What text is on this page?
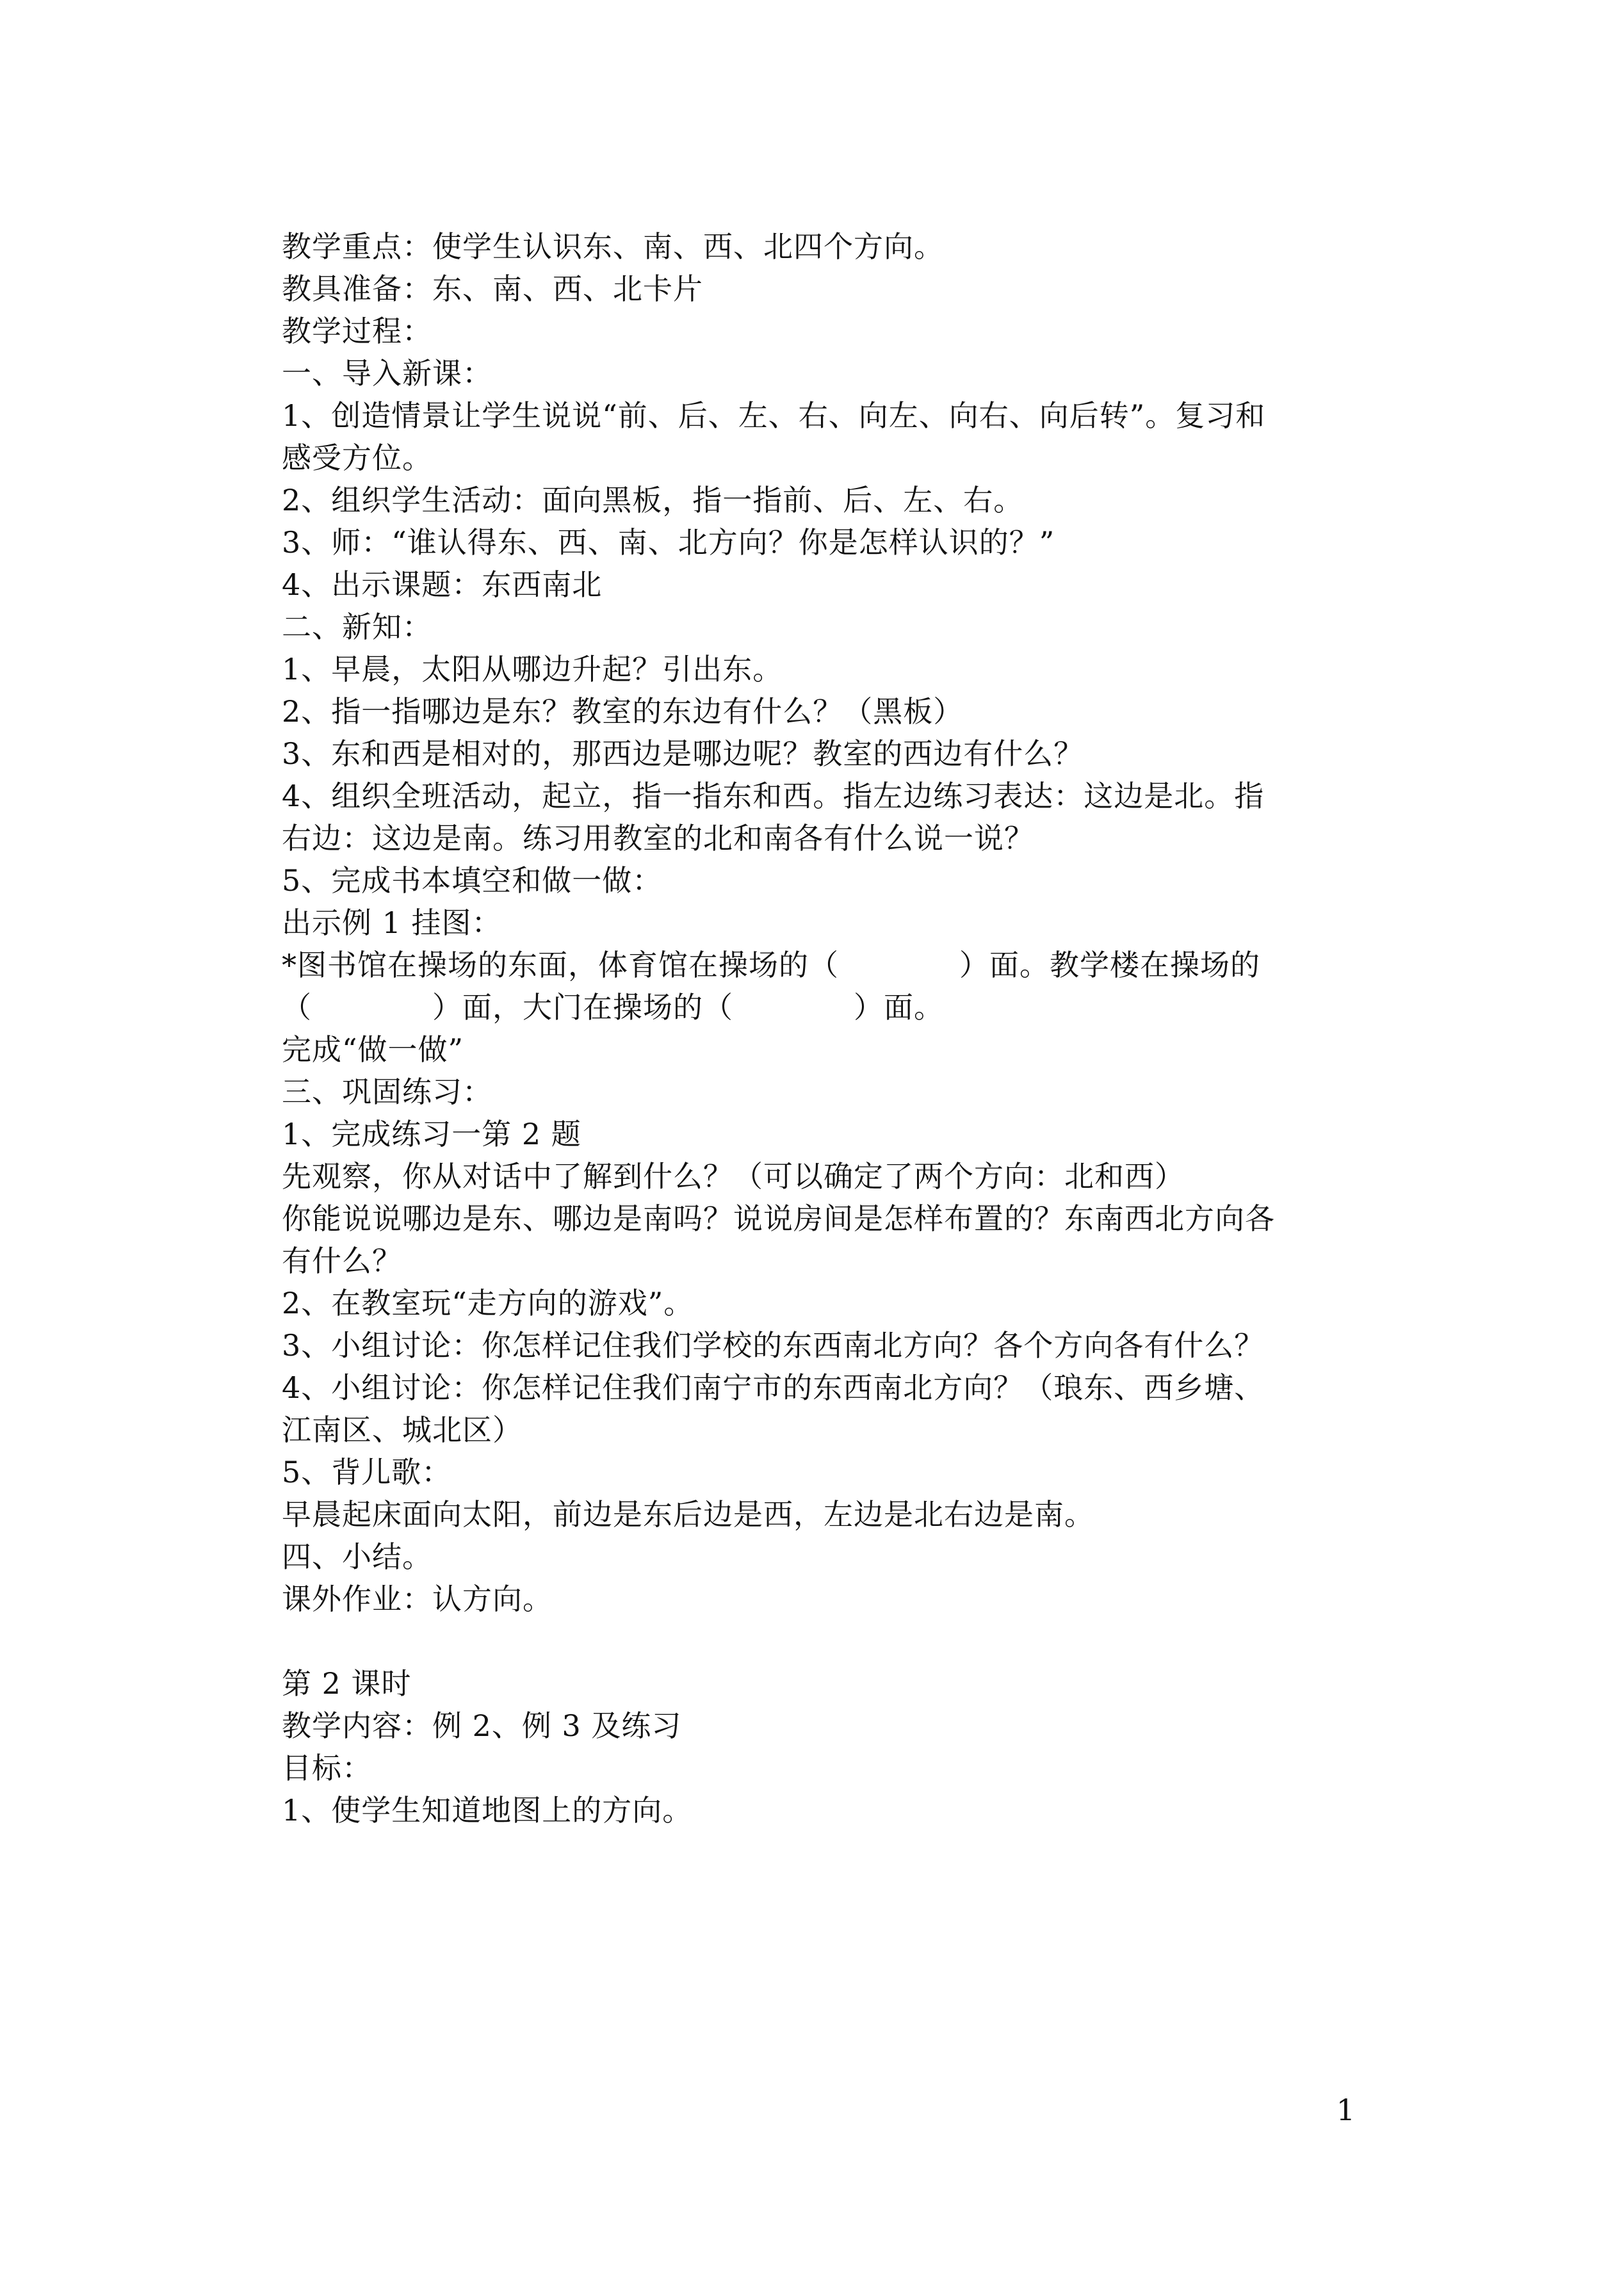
教学重点：使学生认识东、南、西、北四个方向。
教具准备：东、南、西、北卡片
教学过程：
一、导入新课：
1、创造情景让学生说说“前、后、左、右、向左、向右、向后转”。复习和
感受方位。
2、组织学生活动：面向黑板，指一指前、后、左、右。
3、师：“谁认得东、西、南、北方向？你是怎样认识的？”
4、出示课题：东西南北
二、新知：
1、早晨，太阳从哪边升起？引出东。
2、指一指哪边是东？教室的东边有什么？（黑板）
3、东和西是相对的，那西边是哪边呢？教室的西边有什么？
4、组织全班活动，起立，指一指东和西。指左边练习表达：这边是北。指
右边：这边是南。练习用教室的北和南各有什么说一说？
5、完成书本填空和做一做：
出示例 1 挂图：
*图书馆在操场的东面，体育馆在操场的（　　　　）面。教学楼在操场的
（　　　　）面，大门在操场的（　　　　）面。
完成“做一做”
三、巩固练习：
1、完成练习一第 2 题
先观察，你从对话中了解到什么？（可以确定了两个方向：北和西）
你能说说哪边是东、哪边是南吗？说说房间是怎样布置的？东南西北方向各
有什么？
2、在教室玩“走方向的游戏”。
3、小组讨论：你怎样记住我们学校的东西南北方向？各个方向各有什么？
4、小组讨论：你怎样记住我们南宁市的东西南北方向？（琅东、西乡塘、
江南区、城北区）
5、背儿歌：
早晨起床面向太阳，前边是东后边是西，左边是北右边是南。
四、小结。
课外作业：认方向。
第 2 课时
教学内容：例 2、例 3 及练习
目标：
1、使学生知道地图上的方向。
1
